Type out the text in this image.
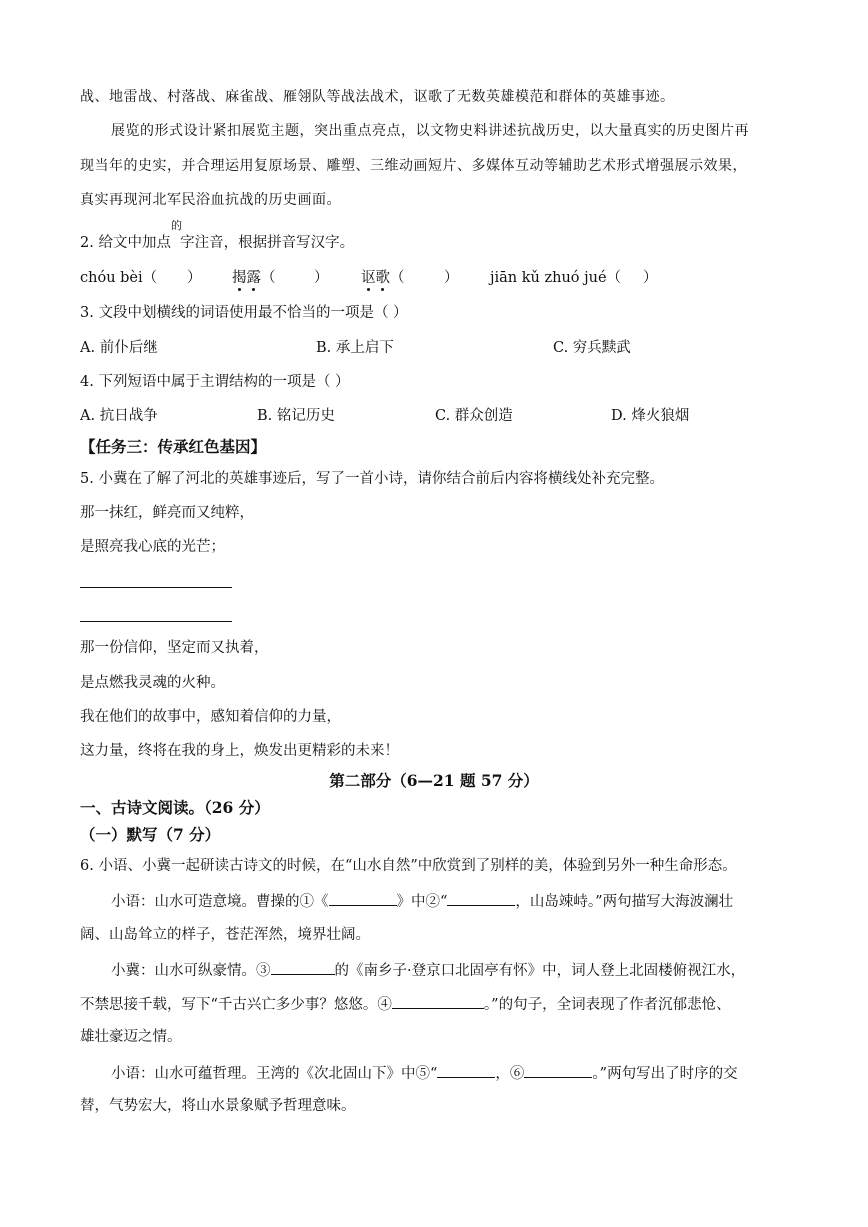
战、地雷战、村落战、麻雀战、雁翎队等战法战术，讴歌了无数英雄模范和群体的英雄事迹。
展览的形式设计紧扣展览主题，突出重点亮点，以文物史料讲述抗战历史，以大量真实的历史图片再
现当年的史实，并合理运用复原场景、雕塑、三维动画短片、多媒体互动等辅助艺术形式增强展示效果，
真实再现河北军民浴血抗战的历史画面。
2. 给文中加点
的
字注音，根据拼音写汉字。
chóu bèi（ ） 揭露（	） 讴歌（	） jiān kǔ zhuó jué（ ）
3. 文段中划横线的词语使用最不恰当的一项是（ ）
A. 前仆后继	B. 承上启下	C. 穷兵黩武
4. 下列短语中属于主谓结构的一项是（ ）
A. 抗日战争	B. 铭记历史	C. 群众创造	D. 烽火狼烟
【任务三：传承红色基因】
5. 小冀在了解了河北的英雄事迹后，写了一首小诗，请你结合前后内容将横线处补充完整。
那一抹红，鲜亮而又纯粹，
是照亮我心底的光芒；
那一份信仰，坚定而又执着，
是点燃我灵魂的火种。
我在他们的故事中，感知着信仰的力量，
这力量，终将在我的身上，焕发出更精彩的未来！
第二部分（6—21 题 57 分）
一、古诗文阅读。（26 分）
（一）默写（7 分）
6. 小语、小冀一起研读古诗文的时候，在“山水自然”中欣赏到了别样的美，体验到另外一种生命形态。
小语：山水可造意境。曹操的①《	》中②“	，山岛竦峙。”两句描写大海波澜壮
阔、山岛耸立的样子，苍茫浑然，境界壮阔。
小冀：山水可纵豪情。③	的《南乡子·登京口北固亭有怀》中，词人登上北固楼俯视江水，
不禁思接千载，写下“千古兴亡多少事？悠悠。④	。”的句子，全词表现了作者沉郁悲怆、
雄壮豪迈之情。
小语：山水可蕴哲理。王湾的《次北固山下》中⑤“	，⑥	。”两句写出了时序的交
替，气势宏大，将山水景象赋予哲理意味。
